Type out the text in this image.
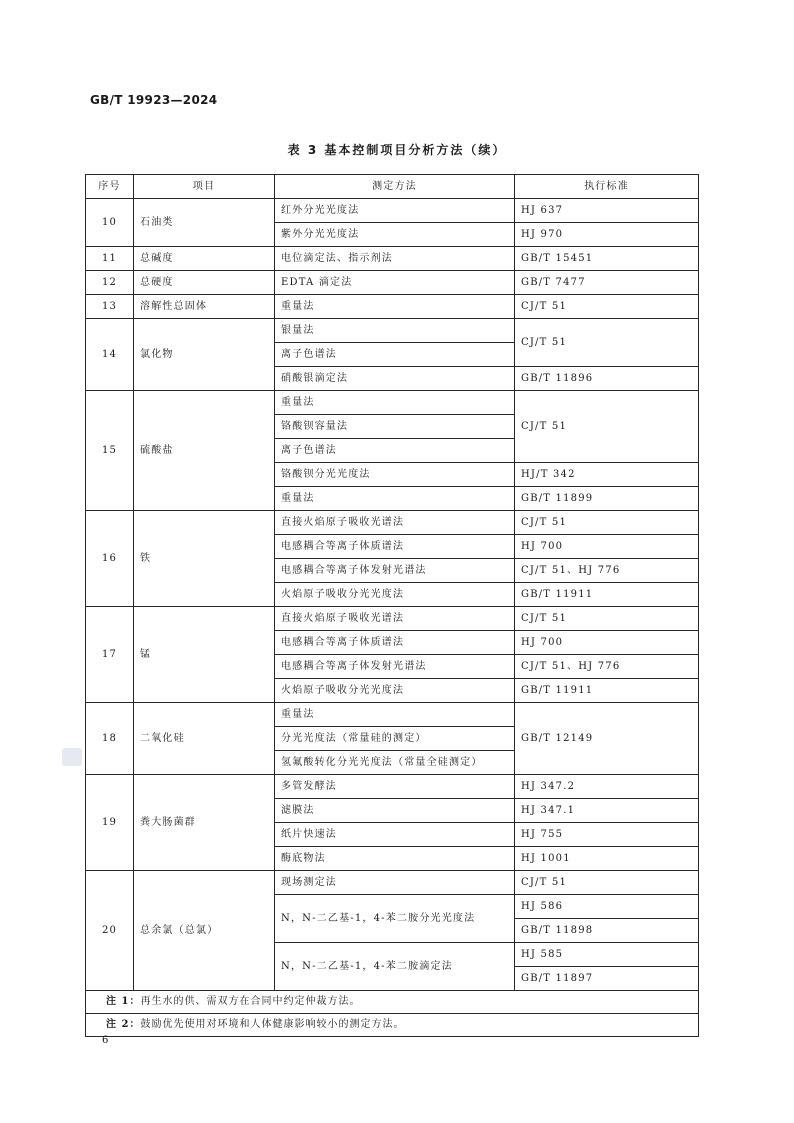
GB/T 19923—2024
表 3 基本控制项目分析方法（续）
序号	项目	测定方法	执行标准
10	石油类	红外分光光度法	HJ 637
		紫外分光光度法	HJ 970
11	总碱度	电位滴定法、指示剂法	GB/T 15451
12	总硬度	EDTA 滴定法	GB/T 7477
13	溶解性总固体	重量法	CJ/T 51
14	氯化物	银量法	CJ/T 51
		离子色谱法	
		硝酸银滴定法	GB/T 11896
15	硫酸盐	重量法	CJ/T 51
		铬酸钡容量法	
		离子色谱法	
		铬酸钡分光光度法	HJ/T 342
		重量法	GB/T 11899
16	铁	直接火焰原子吸收光谱法	CJ/T 51
		电感耦合等离子体质谱法	HJ 700
		电感耦合等离子体发射光谱法	CJ/T 51、HJ 776
		火焰原子吸收分光光度法	GB/T 11911
17	锰	直接火焰原子吸收光谱法	CJ/T 51
		电感耦合等离子体质谱法	HJ 700
		电感耦合等离子体发射光谱法	CJ/T 51、HJ 776
		火焰原子吸收分光光度法	GB/T 11911
18	二氧化硅	重量法	GB/T 12149
		分光光度法（常量硅的测定）	
		氢氟酸转化分光光度法（常量全硅测定）	
19	粪大肠菌群	多管发酵法	HJ 347.2
		滤膜法	HJ 347.1
		纸片快速法	HJ 755
		酶底物法	HJ 1001
20	总余氯（总氯）	现场测定法	CJ/T 51
		N，N-二乙基-1，4-苯二胺分光光度法	HJ 586
			GB/T 11898
		N，N-二乙基-1，4-苯二胺滴定法	HJ 585
			GB/T 11897
注 1：再生水的供、需双方在合同中约定仲裁方法。			
注 2：鼓励优先使用对环境和人体健康影响较小的测定方法。			
6
